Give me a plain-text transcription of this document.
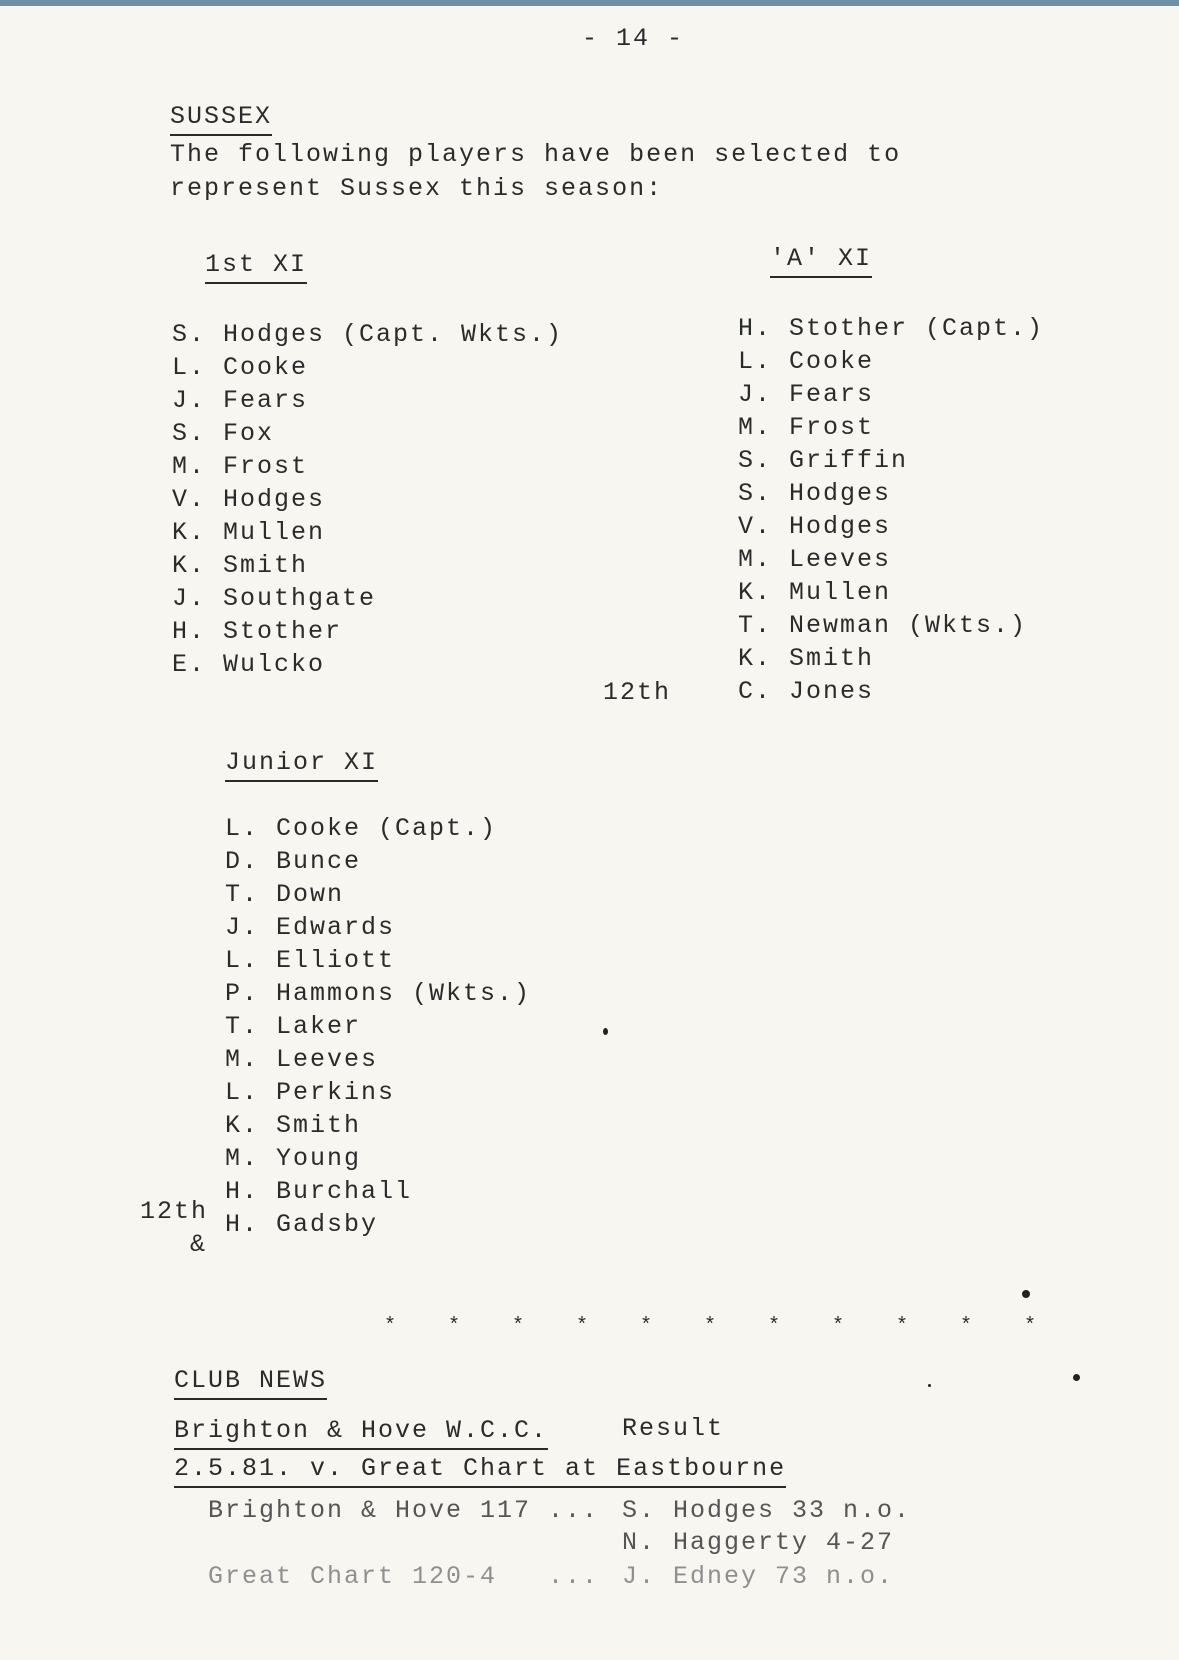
- 14 -
SUSSEX
The following players have been selected to
represent Sussex this season:
1st XI	'A' XI
S. Hodges (Capt. Wkts.)
L. Cooke
J. Fears
S. Fox
M. Frost
V. Hodges
K. Mullen
K. Smith
J. Southgate
H. Stother
E. Wulcko
H. Stother (Capt.)
L. Cooke
J. Fears
M. Frost
S. Griffin
S. Hodges
V. Hodges
M. Leeves
K. Mullen
T. Newman (Wkts.)
K. Smith
C. Jones
12th
Junior XI
L. Cooke (Capt.)
D. Bunce
T. Down
J. Edwards
L. Elliott
P. Hammons (Wkts.)
T. Laker
M. Leeves
L. Perkins
K. Smith
M. Young
H. Burchall
H. Gadsby
12th
&
* * * * * * * * * * *
CLUB NEWS
Brighton & Hove W.C.C.	Result
2.5.81. v. Great Chart at Eastbourne
Brighton & Hove 117 ... S. Hodges 33 n.o.
N. Haggerty 4-27
Great Chart 120-4   ... J. Edney 73 n.o.
